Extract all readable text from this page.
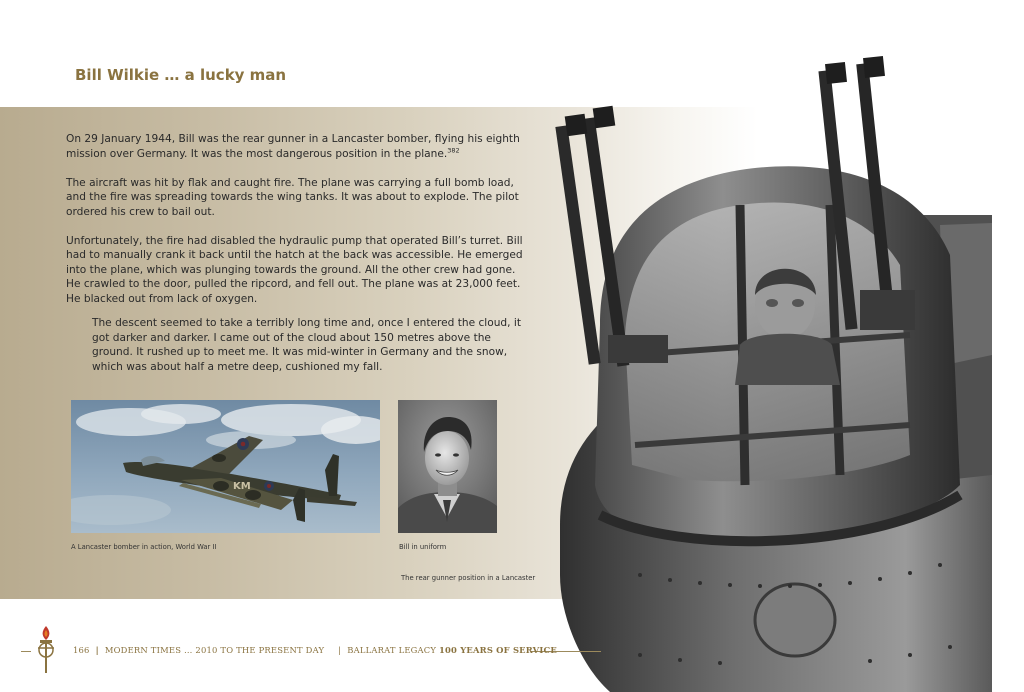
Bill Wilkie … a lucky man

On 29 January 1944, Bill was the rear gunner in a Lancaster bomber, flying his eighth mission over Germany. It was the most dangerous position in the plane.$^{382}$

The aircraft was hit by flak and caught fire. The plane was carrying a full bomb load, and the fire was spreading towards the wing tanks. It was about to explode. The pilot ordered his crew to bail out.

Unfortunately, the fire had disabled the hydraulic pump that operated Bill’s turret. Bill had to manually crank it back until the hatch at the back was accessible. He emerged into the plane, which was plunging towards the ground. All the other crew had gone. He crawled to the door, pulled the ripcord, and fell out. The plane was at 23,000 feet. He blacked out from lack of oxygen.

The descent seemed to take a terribly long time and, once I entered the cloud, it got darker and darker. I came out of the cloud about 150 metres above the ground. It rushed up to meet me. It was mid-winter in Germany and the snow, which was about half a metre deep, cushioned my fall.

KM

A Lancaster bomber in action, World War II	Bill in uniform

The rear gunner position in a Lancaster

166 | MODERN TIMES … 2010 TO THE PRESENT DAY | BALLARAT LEGACY 100 YEARS OF SERVICE
